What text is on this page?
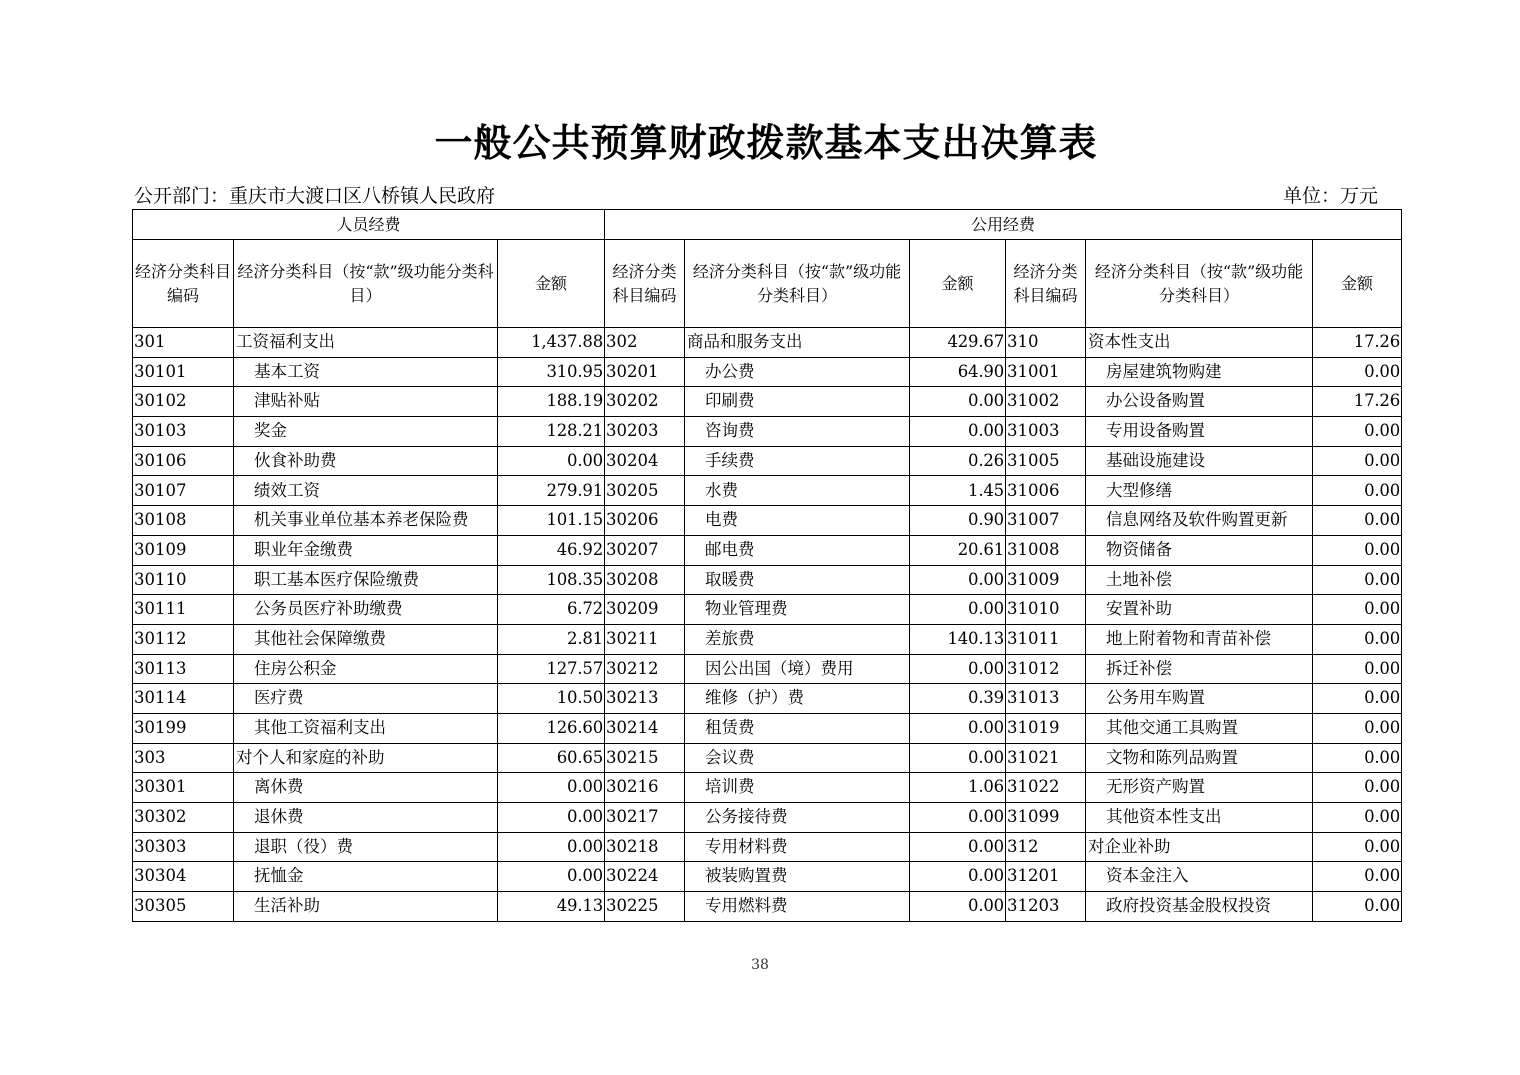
一般公共预算财政拨款基本支出决算表
公开部门：重庆市大渡口区八桥镇人民政府	单位：万元
人员经费			公用经费					
经济分类科目编码	经济分类科目（按“款”级功能分类科目）	金额	经济分类科目编码	经济分类科目（按“款”级功能分类科目）	金额	经济分类科目编码	经济分类科目（按“款”级功能分类科目）	金额
301	工资福利支出	1,437.88	302	商品和服务支出	429.67	310	资本性支出	17.26
30101	基本工资	310.95	30201	办公费	64.90	31001	房屋建筑物购建	0.00
30102	津贴补贴	188.19	30202	印刷费	0.00	31002	办公设备购置	17.26
30103	奖金	128.21	30203	咨询费	0.00	31003	专用设备购置	0.00
30106	伙食补助费	0.00	30204	手续费	0.26	31005	基础设施建设	0.00
30107	绩效工资	279.91	30205	水费	1.45	31006	大型修缮	0.00
30108	机关事业单位基本养老保险费	101.15	30206	电费	0.90	31007	信息网络及软件购置更新	0.00
30109	职业年金缴费	46.92	30207	邮电费	20.61	31008	物资储备	0.00
30110	职工基本医疗保险缴费	108.35	30208	取暖费	0.00	31009	土地补偿	0.00
30111	公务员医疗补助缴费	6.72	30209	物业管理费	0.00	31010	安置补助	0.00
30112	其他社会保障缴费	2.81	30211	差旅费	140.13	31011	地上附着物和青苗补偿	0.00
30113	住房公积金	127.57	30212	因公出国（境）费用	0.00	31012	拆迁补偿	0.00
30114	医疗费	10.50	30213	维修（护）费	0.39	31013	公务用车购置	0.00
30199	其他工资福利支出	126.60	30214	租赁费	0.00	31019	其他交通工具购置	0.00
303	对个人和家庭的补助	60.65	30215	会议费	0.00	31021	文物和陈列品购置	0.00
30301	离休费	0.00	30216	培训费	1.06	31022	无形资产购置	0.00
30302	退休费	0.00	30217	公务接待费	0.00	31099	其他资本性支出	0.00
30303	退职（役）费	0.00	30218	专用材料费	0.00	312	对企业补助	0.00
30304	抚恤金	0.00	30224	被装购置费	0.00	31201	资本金注入	0.00
30305	生活补助	49.13	30225	专用燃料费	0.00	31203	政府投资基金股权投资	0.00
38
